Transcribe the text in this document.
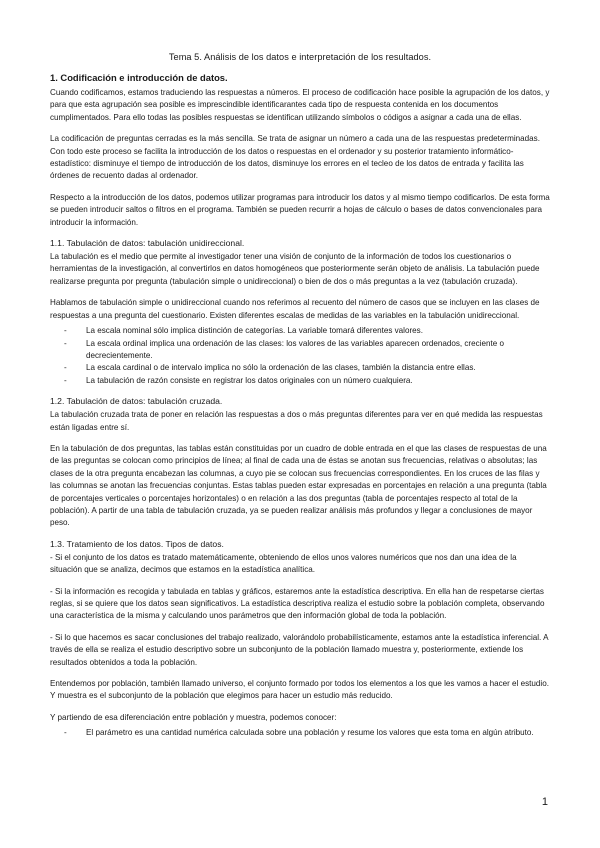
Tema 5. Análisis de los datos e interpretación de los resultados.
1. Codificación e introducción de datos.

Cuando codificamos, estamos traduciendo las respuestas a números. El proceso de codificación hace posible la agrupación de los datos, y para que esta agrupación sea posible es imprescindible identificarantes cada tipo de respuesta contenida en los documentos cumplimentados. Para ello todas las posibles respuestas se identifican utilizando símbolos o códigos a asignar a cada una de ellas.

La codificación de preguntas cerradas es la más sencilla. Se trata de asignar un número a cada una de las respuestas predeterminadas. Con todo este proceso se facilita la introducción de los datos o respuestas en el ordenador y su posterior tratamiento informático-estadístico: disminuye el tiempo de introducción de los datos, disminuye los errores en el tecleo de los datos de entrada y facilita las órdenes de recuento dadas al ordenador.

Respecto a la introducción de los datos, podemos utilizar programas para introducir los datos y al mismo tiempo codificarlos. De esta forma se pueden introducir saltos o filtros en el programa. También se pueden recurrir a hojas de cálculo o bases de datos convencionales para introducir la información.

1.1. Tabulación de datos: tabulación unidireccional.

La tabulación es el medio que permite al investigador tener una visión de conjunto de la información de todos los cuestionarios o herramientas de la investigación, al convertirlos en datos homogéneos que posteriormente serán objeto de análisis. La tabulación puede realizarse pregunta por pregunta (tabulación simple o unidireccional) o bien de dos o más preguntas a la vez (tabulación cruzada).

Hablamos de tabulación simple o unidireccional cuando nos referimos al recuento del número de casos que se incluyen en las clases de respuestas a una pregunta del cuestionario. Existen diferentes escalas de medidas de las variables en la tabulación unidireccional.

- La escala nominal sólo implica distinción de categorías. La variable tomará diferentes valores.
- La escala ordinal implica una ordenación de las clases: los valores de las variables aparecen ordenados, creciente o decrecientemente.
- La escala cardinal o de intervalo implica no sólo la ordenación de las clases, también la distancia entre ellas.
- La tabulación de razón consiste en registrar los datos originales con un número cualquiera.
1.2. Tabulación de datos: tabulación cruzada.

La tabulación cruzada trata de poner en relación las respuestas a dos o más preguntas diferentes para ver en qué medida las respuestas están ligadas entre sí.

En la tabulación de dos preguntas, las tablas están constituidas por un cuadro de doble entrada en el que las clases de respuestas de una de las preguntas se colocan como principios de línea; al final de cada una de éstas se anotan sus frecuencias, relativas o absolutas; las clases de la otra pregunta encabezan las columnas, a cuyo pie se colocan sus frecuencias correspondientes. En los cruces de las filas y las columnas se anotan las frecuencias conjuntas. Estas tablas pueden estar expresadas en porcentajes en relación a una pregunta (tabla de porcentajes verticales o porcentajes horizontales) o en relación a las dos preguntas (tabla de porcentajes respecto al total de la población). A partir de una tabla de tabulación cruzada, ya se pueden realizar análisis más profundos y llegar a conclusiones de mayor peso.

1.3. Tratamiento de los datos. Tipos de datos.

- Si el conjunto de los datos es tratado matemáticamente, obteniendo de ellos unos valores numéricos que nos dan una idea de la situación que se analiza, decimos que estamos en la estadística analítica.

- Si la información es recogida y tabulada en tablas y gráficos, estaremos ante la estadística descriptiva. En ella han de respetarse ciertas reglas, si se quiere que los datos sean significativos. La estadística descriptiva realiza el estudio sobre la población completa, observando una característica de la misma y calculando unos parámetros que den información global de toda la población.

- Si lo que hacemos es sacar conclusiones del trabajo realizado, valorándolo probabilísticamente, estamos ante la estadística inferencial. A través de ella se realiza el estudio descriptivo sobre un subconjunto de la población llamado muestra y, posteriormente, extiende los resultados obtenidos a toda la población.

Entendemos por población, también llamado universo, el conjunto formado por todos los elementos a los que les vamos a hacer el estudio. Y muestra es el subconjunto de la población que elegimos para hacer un estudio más reducido.

Y partiendo de esa diferenciación entre población y muestra, podemos conocer:

- El parámetro es una cantidad numérica calculada sobre una población y resume los valores que esta toma en algún atributo.
1
